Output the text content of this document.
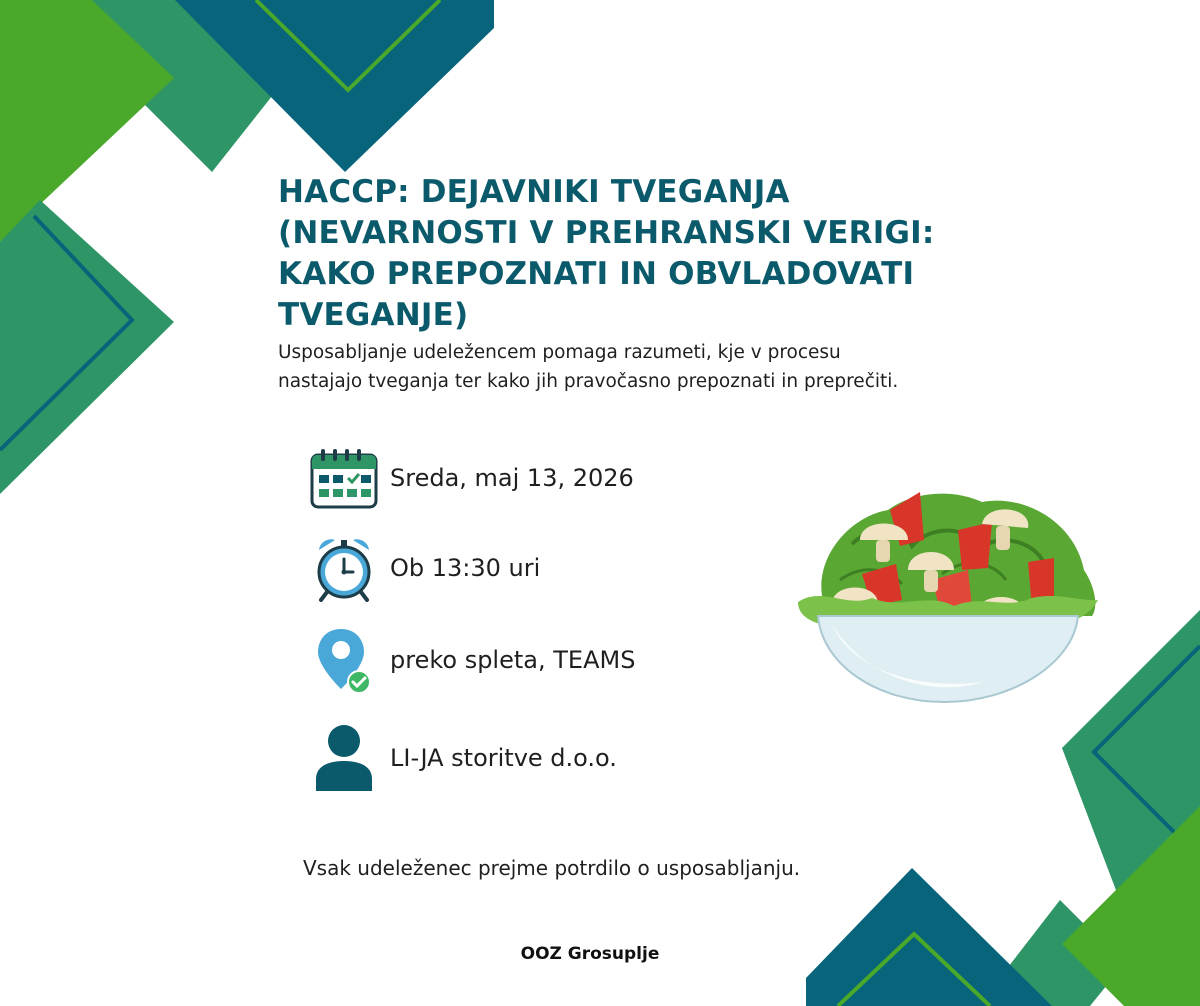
HACCP: DEJAVNIKI TVEGANJA (NEVARNOSTI V PREHRANSKI VERIGI: KAKO PREPOZNATI IN OBVLADOVATI TVEGANJE)

Usposabljanje udeležencem pomaga razumeti, kje v procesu nastajajo tveganja ter kako jih pravočasno prepoznati in preprečiti.

Sreda, maj 13, 2026
Ob 13:30 uri
preko spleta, TEAMS
LI-JA storitve d.o.o.

Vsak udeleženec prejme potrdilo o usposabljanju.

OOZ Grosuplje
